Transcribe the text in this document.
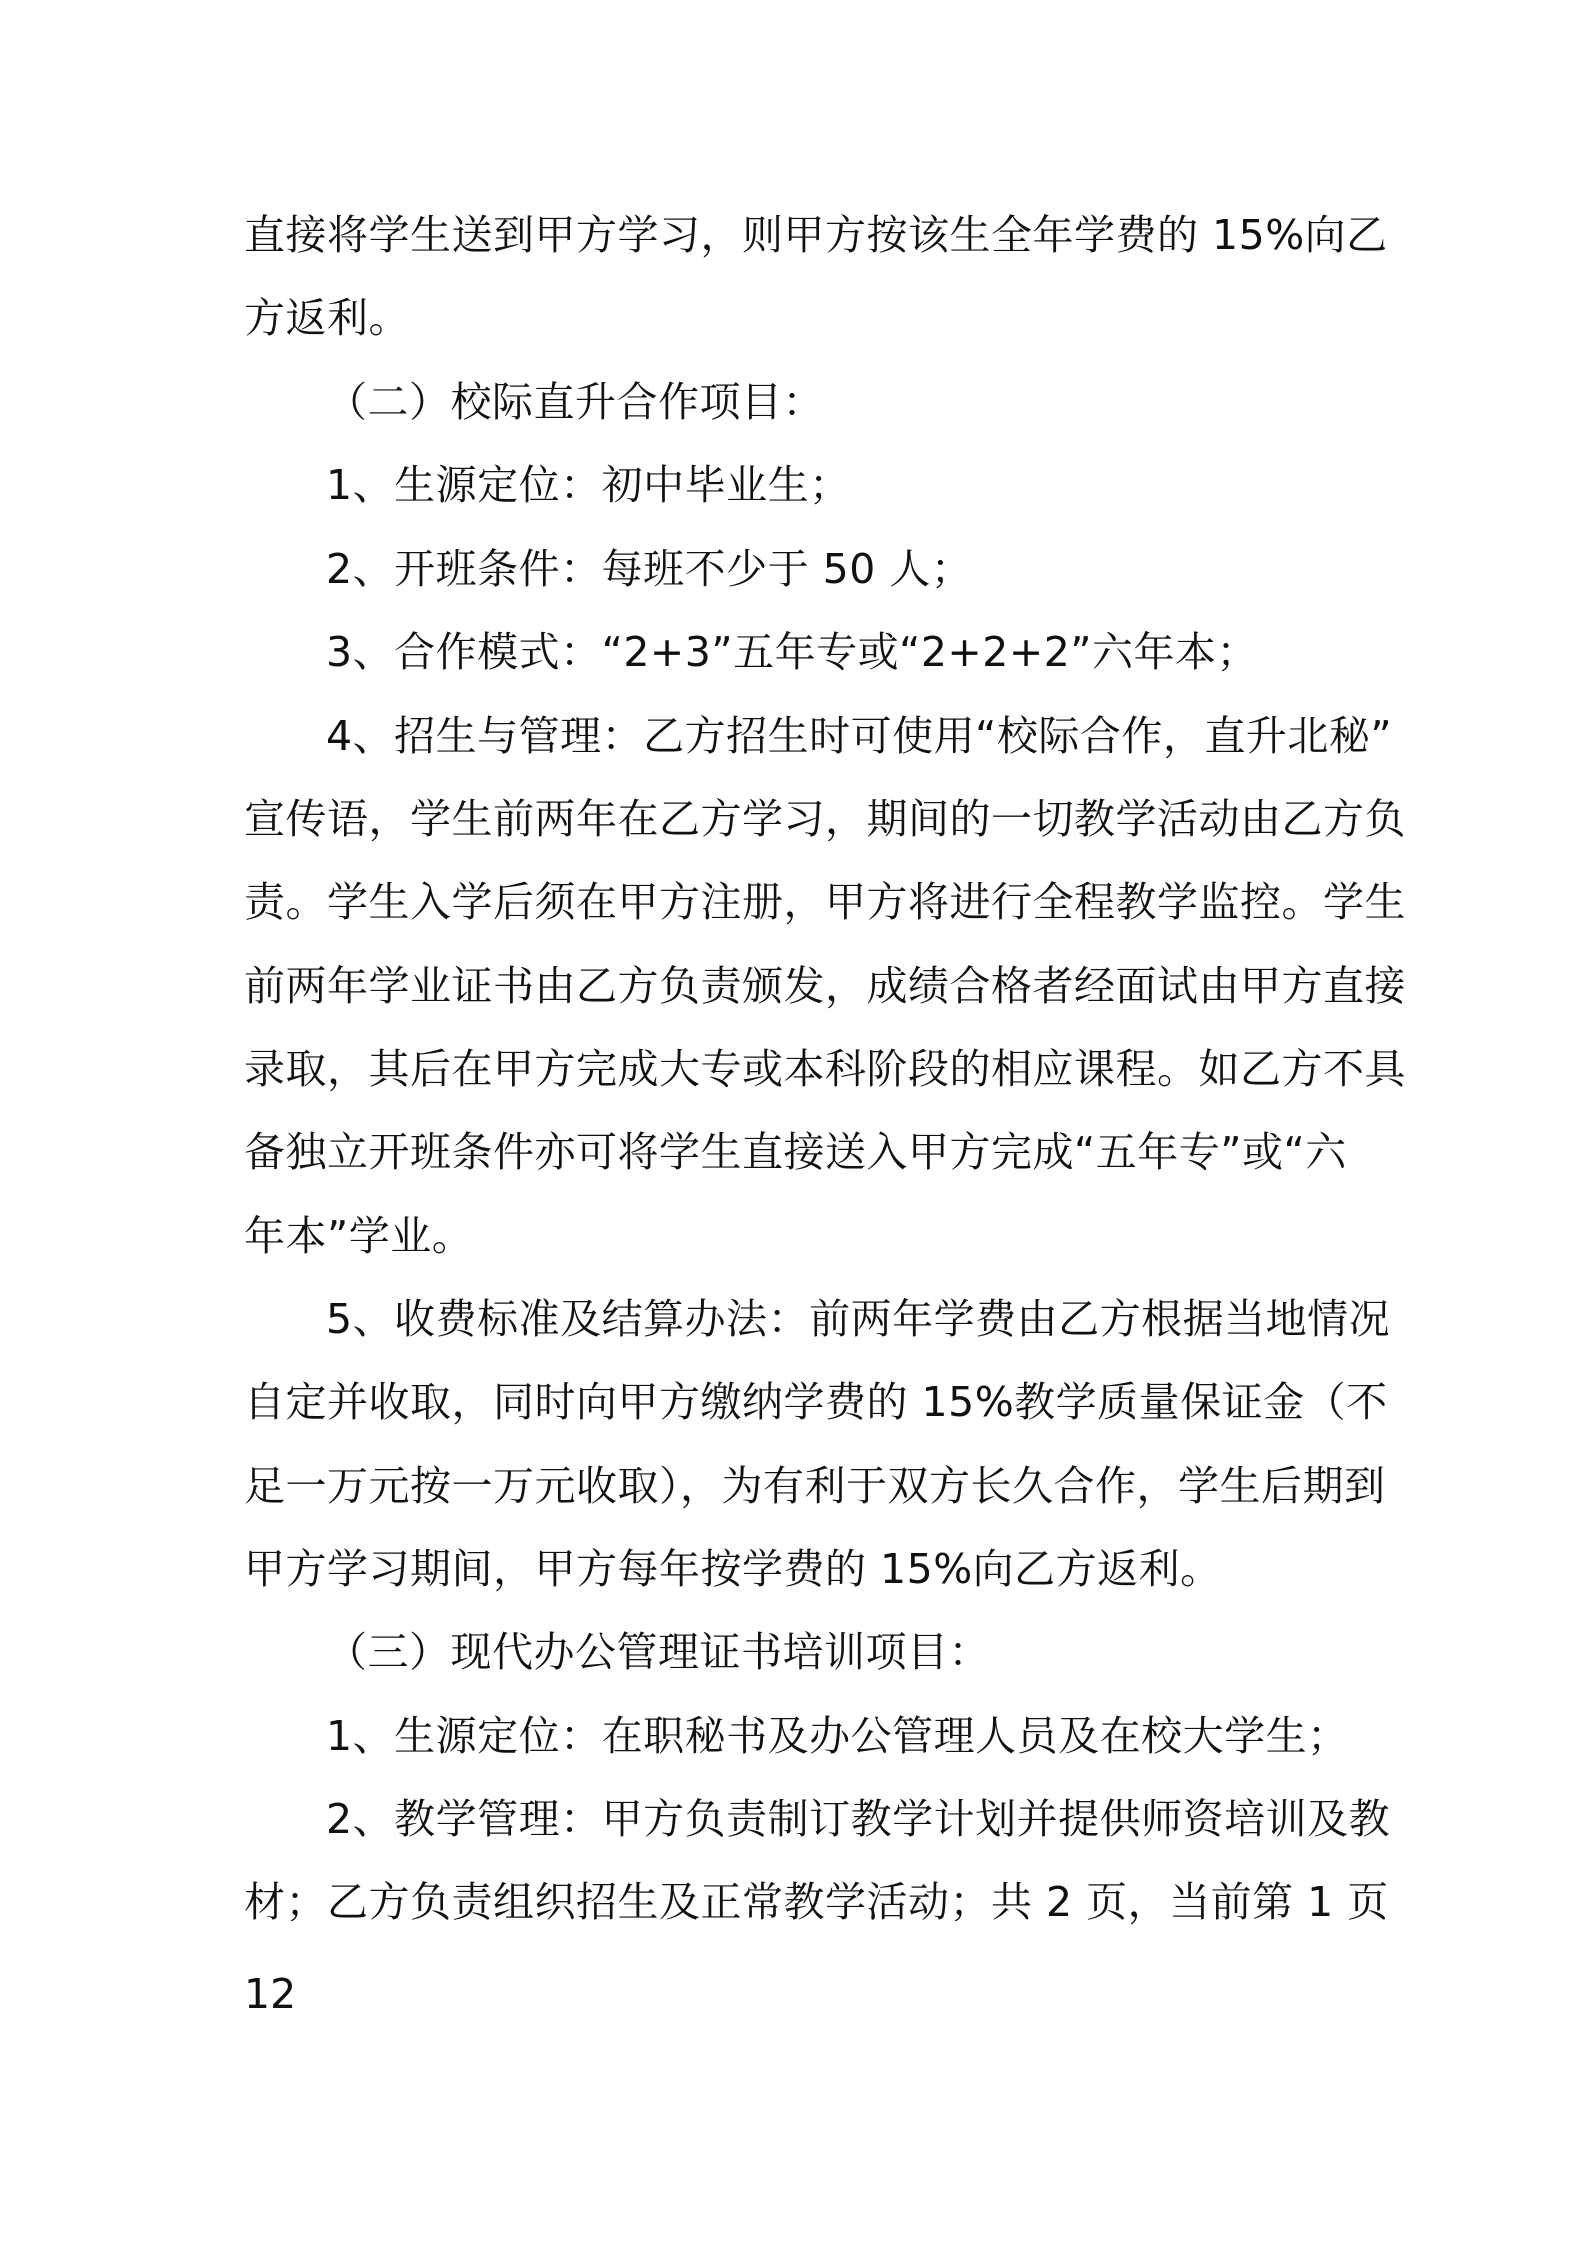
直接将学生送到甲方学习，则甲方按该生全年学费的 15%向乙
方返利。
（二）校际直升合作项目：
1、生源定位：初中毕业生；
2、开班条件：每班不少于 50 人；
3、合作模式：“2+3”五年专或“2+2+2”六年本；
4、招生与管理：乙方招生时可使用“校际合作，直升北秘”
宣传语，学生前两年在乙方学习，期间的一切教学活动由乙方负
责。学生入学后须在甲方注册，甲方将进行全程教学监控。学生
前两年学业证书由乙方负责颁发，成绩合格者经面试由甲方直接
录取，其后在甲方完成大专或本科阶段的相应课程。如乙方不具
备独立开班条件亦可将学生直接送入甲方完成“五年专”或“六
年本”学业。
5、收费标准及结算办法：前两年学费由乙方根据当地情况
自定并收取，同时向甲方缴纳学费的 15%教学质量保证金（不
足一万元按一万元收取），为有利于双方长久合作，学生后期到
甲方学习期间，甲方每年按学费的 15%向乙方返利。
（三）现代办公管理证书培训项目：
1、生源定位：在职秘书及办公管理人员及在校大学生；
2、教学管理：甲方负责制订教学计划并提供师资培训及教
材；乙方负责组织招生及正常教学活动；共 2 页，当前第 1 页
12
